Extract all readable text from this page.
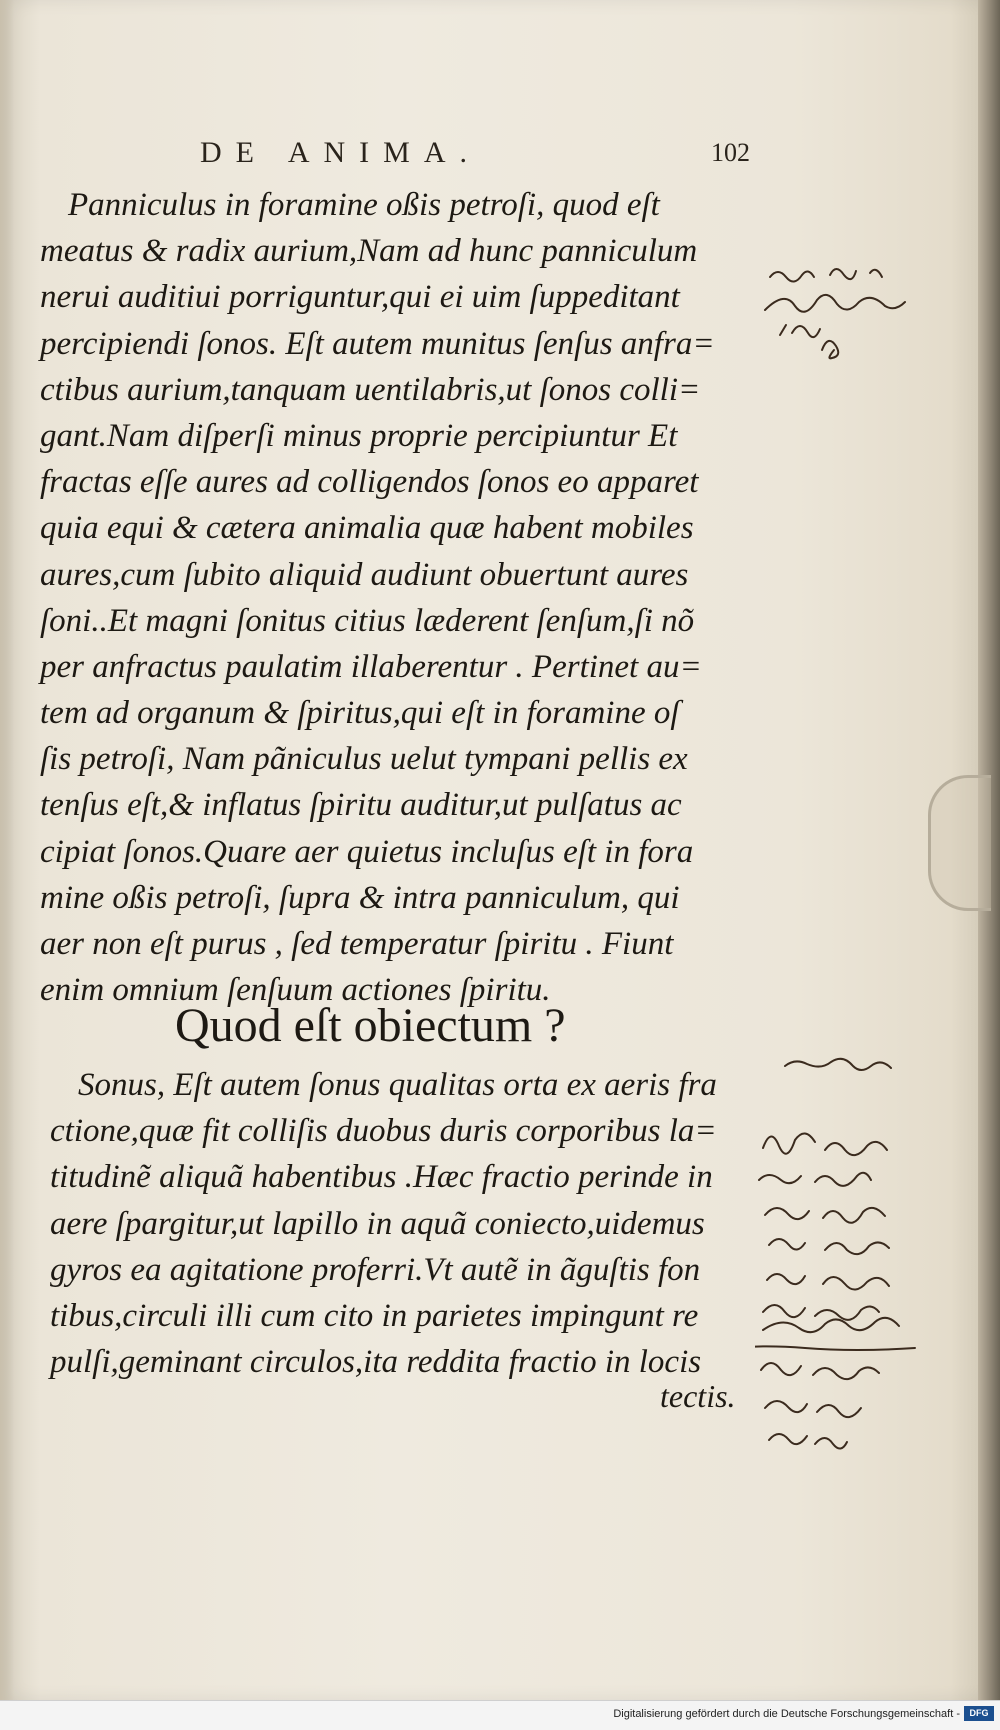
DE ANIMA.	102
Panniculus in foramine oßis petroſi, quod eſt
meatus & radix aurium,Nam ad hunc panniculum
nerui auditiui porriguntur,qui ei uim ſuppeditant
percipiendi ſonos. Eſt autem munitus ſenſus anfra=
ctibus aurium,tanquam uentilabris,ut ſonos colli=
gant.Nam diſperſi minus proprie percipiuntur Et
fractas eſſe aures ad colligendos ſonos eo apparet
quia equi & cætera animalia quæ habent mobiles
aures,cum ſubito aliquid audiunt obuertunt aures
ſoni..Et magni ſonitus citius læderent ſenſum,ſi nõ
per anfractus paulatim illaberentur . Pertinet au=
tem ad organum & ſpiritus,qui eſt in foramine oſ
ſis petroſi, Nam pãniculus uelut tympani pellis ex
tenſus eſt,& inflatus ſpiritu auditur,ut pulſatus ac
cipiat ſonos.Quare aer quietus incluſus eſt in fora
mine oßis petroſi, ſupra & intra panniculum, qui
aer non eſt purus , ſed temperatur ſpiritu . Fiunt
enim omnium ſenſuum actiones ſpiritu.
Quod eſt obiectum ?
Sonus, Eſt autem ſonus qualitas orta ex aeris fra
ctione,quæ fit colliſis duobus duris corporibus la=
titudinẽ aliquã habentibus .Hæc fractio perinde in
aere ſpargitur,ut lapillo in aquã coniecto,uidemus
gyros ea agitatione proferri.Vt autẽ in ãguſtis fon
tibus,circuli illi cum cito in parietes impingunt re
pulſi,geminant circulos,ita reddita fractio in locis
tectis.
Digitalisierung gefördert durch die Deutsche Forschungsgemeinschaft -	DFG
